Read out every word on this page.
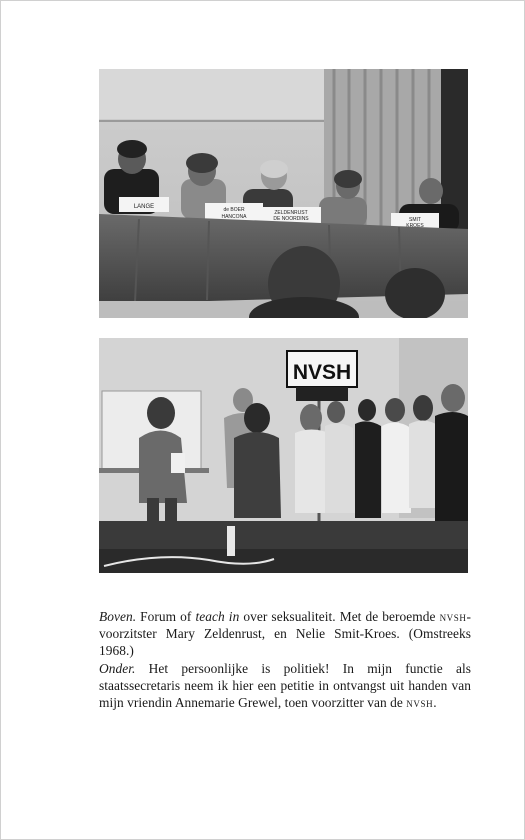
LANGE	de BOER
HANCONA
ZELDENRUST
DE NOORDINS	SMIT
KROES
NVSH

Boven. Forum of teach in over seksualiteit. Met de beroemde nvsh-voorzitster Mary Zeldenrust, en Nelie Smit-Kroes. (Omstreeks 1968.)

Onder. Het persoonlijke is politiek! In mijn functie als staatssecretaris neem ik hier een petitie in ontvangst uit handen van mijn vriendin Annemarie Grewel, toen voorzitter van de nvsh.
